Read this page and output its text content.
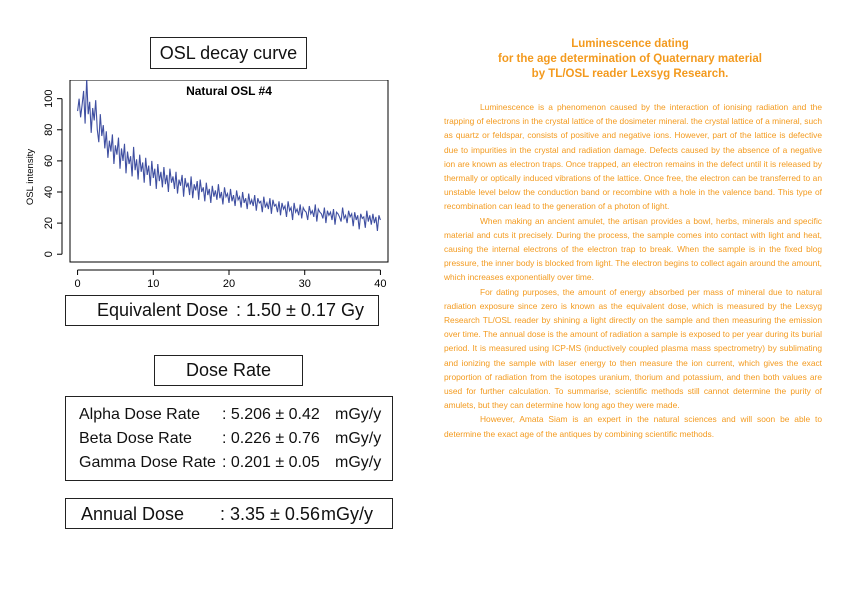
OSL decay curve
0	10	20	30	40
0
20
40
60
80
100
OSL intensity
Natural OSL #4
Equivalent Dose : 1.50 ± 0.17 Gy
Dose Rate
Alpha Dose Rate : 5.206 ± 0.42 mGy/y
Beta Dose Rate : 0.226 ± 0.76 mGy/y
Gamma Dose Rate : 0.201 ± 0.05 mGy/y
Annual Dose : 3.35 ± 0.56 mGy/y
Luminescence dating
for the age determination of Quaternary material
by TL/OSL reader Lexsyg Research.

Luminescence is a phenomenon caused by the interaction of ionising radiation and the trapping of electrons in the crystal lattice of the dosimeter mineral. the crystal lattice of a mineral, such as quartz or feldspar, consists of positive and negative ions. However, part of the lattice is defective due to impurities in the crystal and radiation damage. Defects caused by the absence of a negative ion are known as electron traps. Once trapped, an electron remains in the defect until it is released by thermally or optically induced vibrations of the lattice. Once free, the electron can be transferred to an unstable level below the conduction band or recombine with a hole in the valence band. This type of recombination can lead to the generation of a photon of light.

When making an ancient amulet, the artisan provides a bowl, herbs, minerals and specific material and cuts it precisely. During the process, the sample comes into contact with light and heat, causing the internal electrons of the electron trap to break. When the sample is in the fixed blog pressure, the inner body is blocked from light. The electron begins to collect again around the amount, which increases exponentially over time.

For dating purposes, the amount of energy absorbed per mass of mineral due to natural radiation exposure since zero is known as the equivalent dose, which is measured by the Lexsyg Research TL/OSL reader by shining a light directly on the sample and then measuring the emission over time. The annual dose is the amount of radiation a sample is exposed to per year during its burial period. It is measured using ICP-MS (inductively coupled plasma mass spectrometry) by sublimating and ionizing the sample with laser energy to then measure the ion current, which gives the exact proportion of radiation from the isotopes uranium, thorium and potassium, and then both values are used for further calculation. To summarise, scientific methods still cannot determine the purity of amulets, but they can determine how long ago they were made.

However, Amata Siam is an expert in the natural sciences and will soon be able to determine the exact age of the antiques by combining scientific methods.
